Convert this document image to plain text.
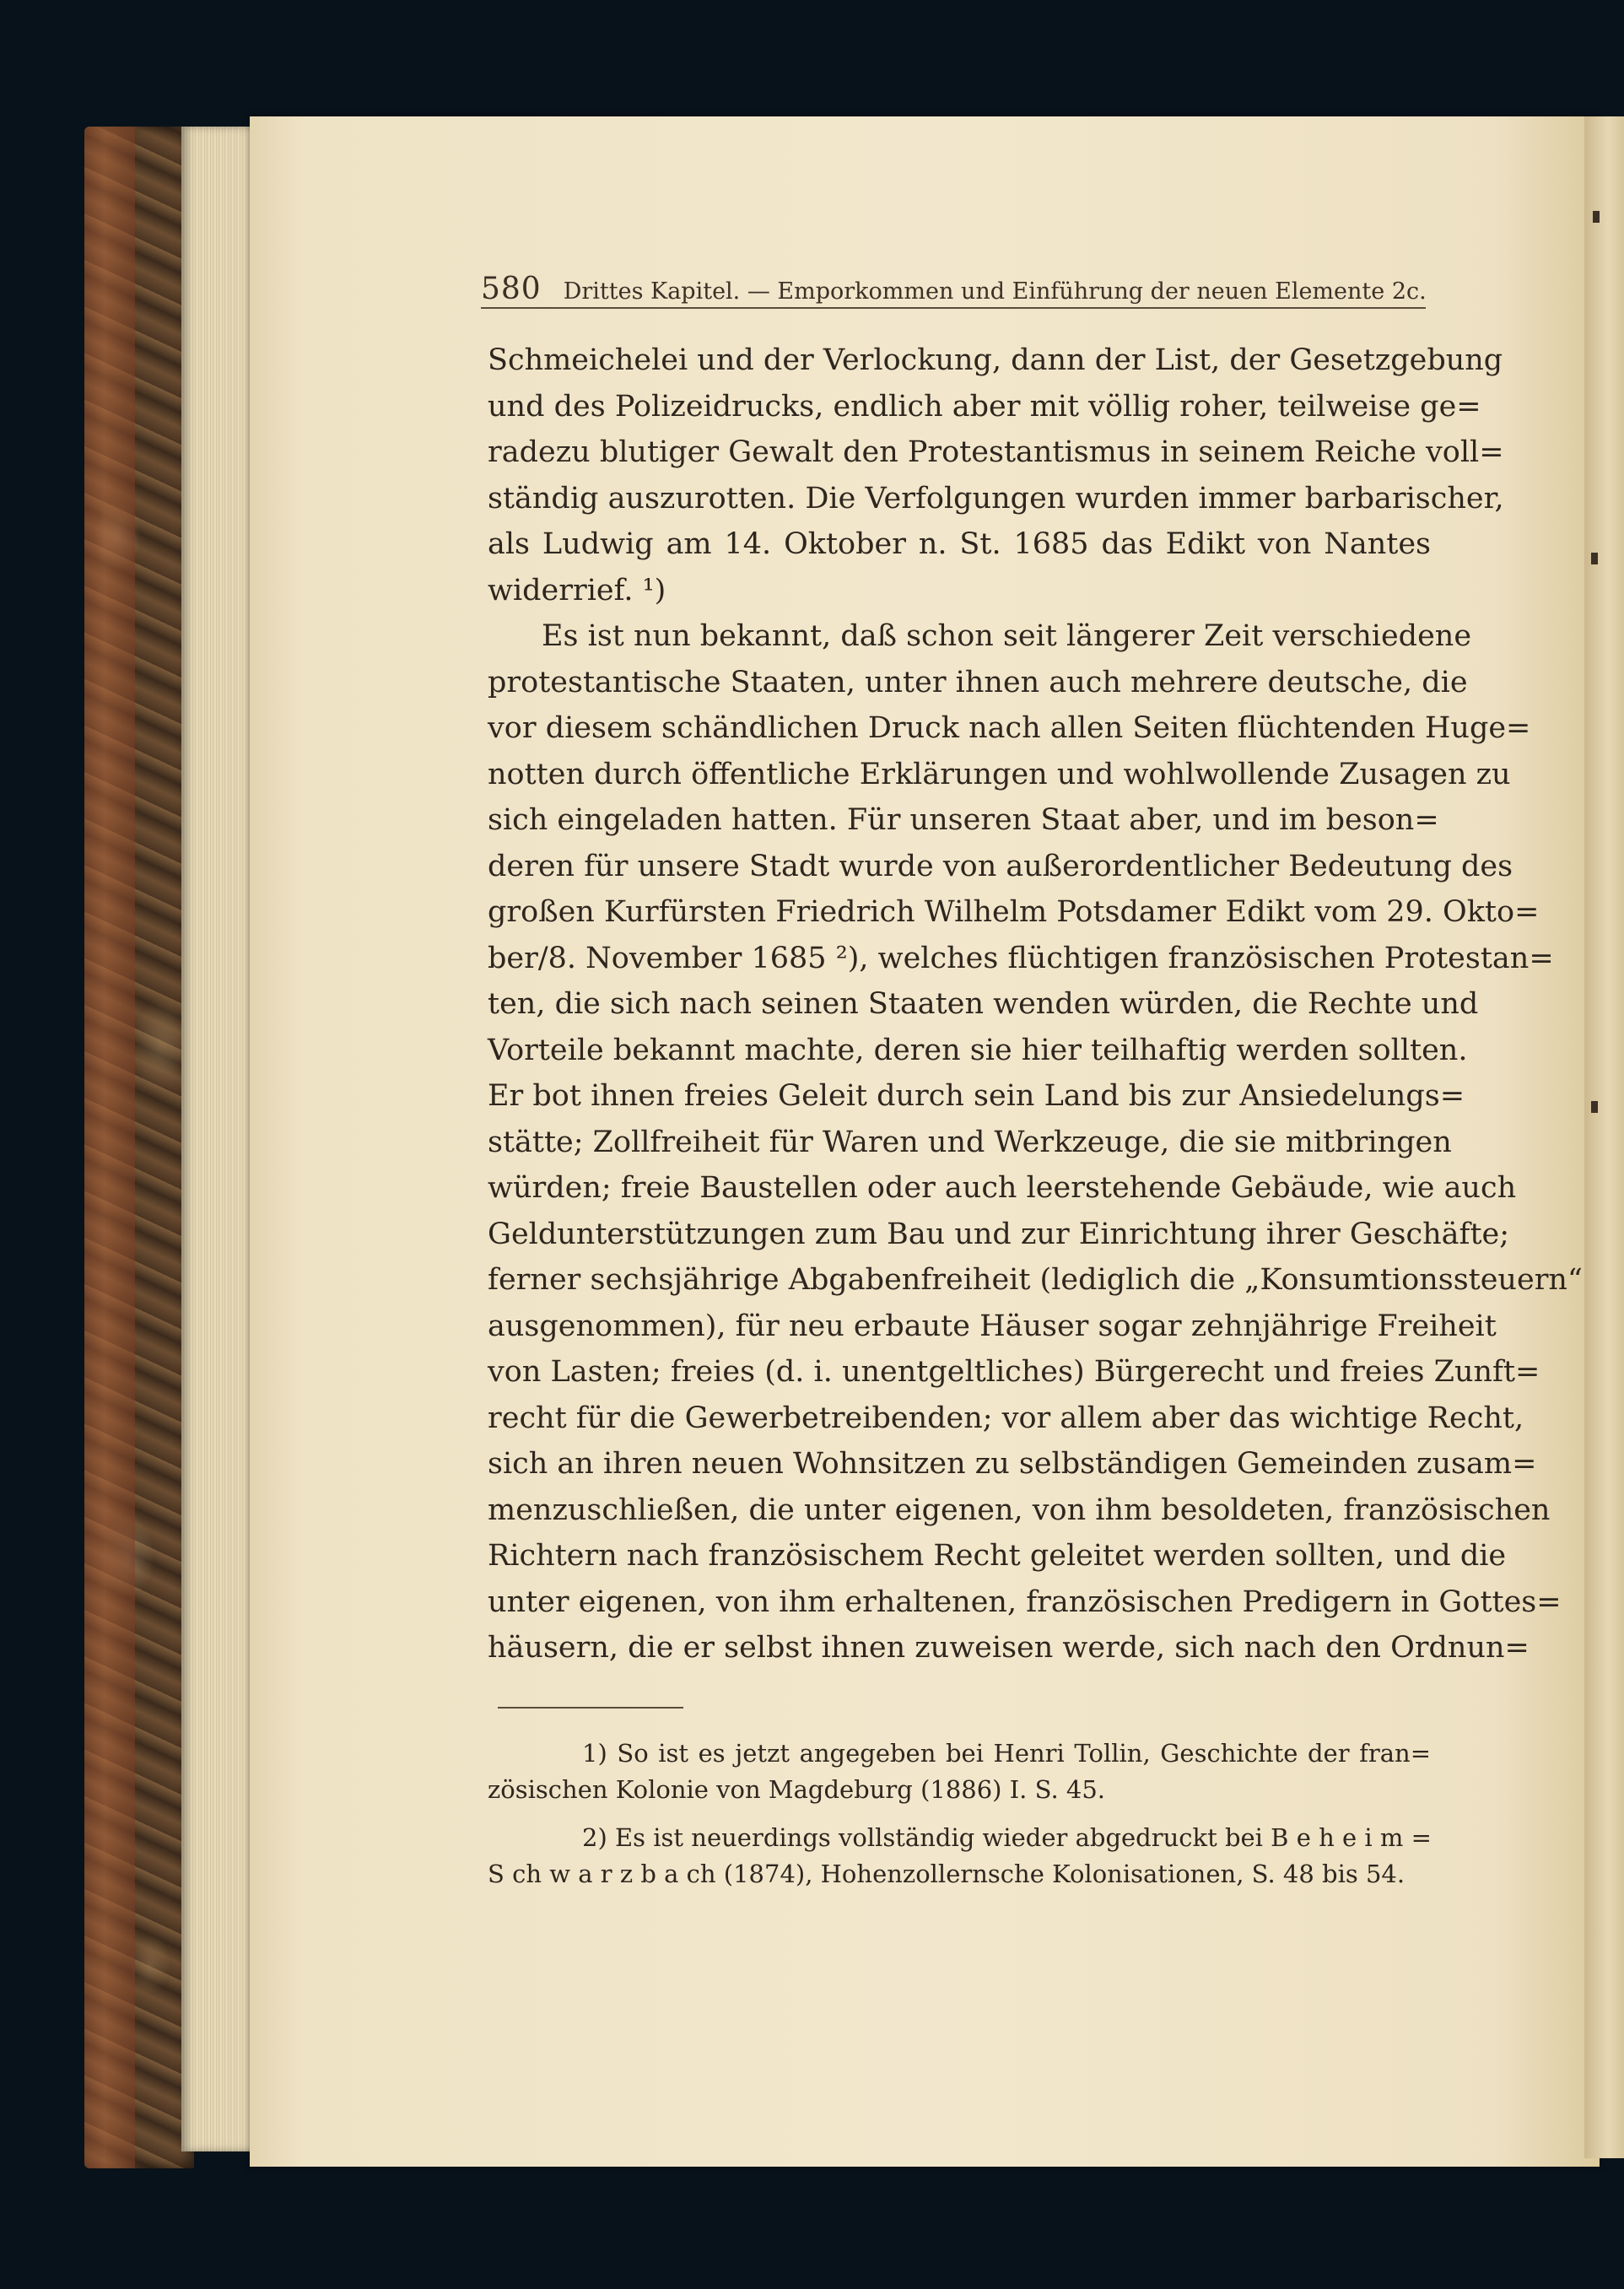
580 Drittes Kapitel. — Emporkommen und Einführung der neuen Elemente 2c.
Schmeichelei und der Verlockung, dann der List, der Gesetzgebung
und des Polizeidrucks, endlich aber mit völlig roher, teilweise ge=
radezu blutiger Gewalt den Protestantismus in seinem Reiche voll=
ständig auszurotten. Die Verfolgungen wurden immer barbarischer,
als Ludwig am 14. Oktober n. St. 1685 das Edikt von Nantes
widerrief. ¹)
Es ist nun bekannt, daß schon seit längerer Zeit verschiedene
protestantische Staaten, unter ihnen auch mehrere deutsche, die
vor diesem schändlichen Druck nach allen Seiten flüchtenden Huge=
notten durch öffentliche Erklärungen und wohlwollende Zusagen zu
sich eingeladen hatten. Für unseren Staat aber, und im beson=
deren für unsere Stadt wurde von außerordentlicher Bedeutung des
großen Kurfürsten Friedrich Wilhelm Potsdamer Edikt vom 29. Okto=
ber/8. November 1685 ²), welches flüchtigen französischen Protestan=
ten, die sich nach seinen Staaten wenden würden, die Rechte und
Vorteile bekannt machte, deren sie hier teilhaftig werden sollten.
Er bot ihnen freies Geleit durch sein Land bis zur Ansiedelungs=
stätte; Zollfreiheit für Waren und Werkzeuge, die sie mitbringen
würden; freie Baustellen oder auch leerstehende Gebäude, wie auch
Geldunterstützungen zum Bau und zur Einrichtung ihrer Geschäfte;
ferner sechsjährige Abgabenfreiheit (lediglich die „Konsumtionssteuern“
ausgenommen), für neu erbaute Häuser sogar zehnjährige Freiheit
von Lasten; freies (d. i. unentgeltliches) Bürgerecht und freies Zunft=
recht für die Gewerbetreibenden; vor allem aber das wichtige Recht,
sich an ihren neuen Wohnsitzen zu selbständigen Gemeinden zusam=
menzuschließen, die unter eigenen, von ihm besoldeten, französischen
Richtern nach französischem Recht geleitet werden sollten, und die
unter eigenen, von ihm erhaltenen, französischen Predigern in Gottes=
häusern, die er selbst ihnen zuweisen werde, sich nach den Ordnun=
1) So ist es jetzt angegeben bei Henri Tollin, Geschichte der fran=
zösischen Kolonie von Magdeburg (1886) I. S. 45.
2) Es ist neuerdings vollständig wieder abgedruckt bei B e h e i m =
S ch w a r z b a ch (1874), Hohenzollernsche Kolonisationen, S. 48 bis 54.
